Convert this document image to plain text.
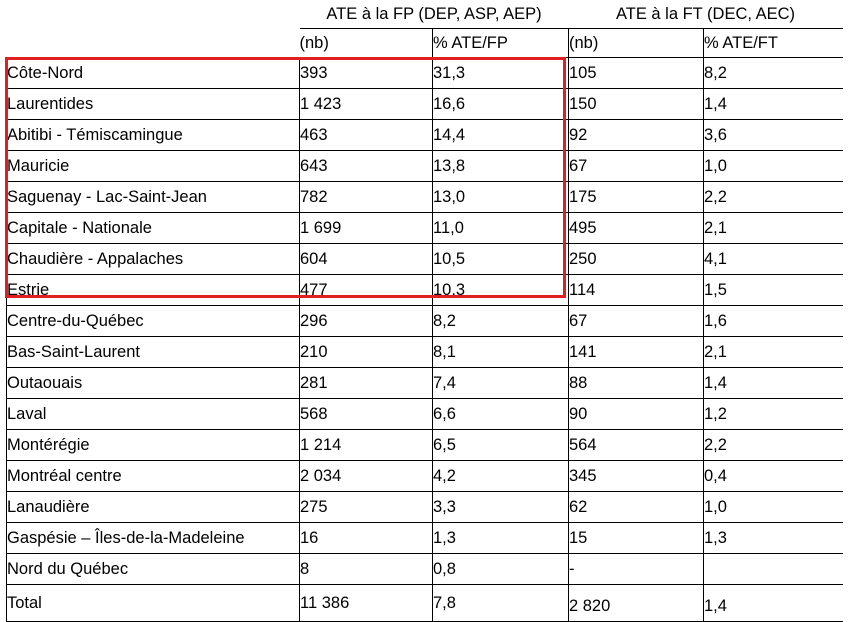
	ATE à la FP (DEP, ASP, AEP)		ATE à la FT (DEC, AEC)	
	(nb)	% ATE/FP	(nb)	% ATE/FT
Côte-Nord	393	31,3	105	8,2
Laurentides	1 423	16,6	150	1,4
Abitibi - Témiscamingue	463	14,4	92	3,6
Mauricie	643	13,8	67	1,0
Saguenay - Lac-Saint-Jean	782	13,0	175	2,2
Capitale - Nationale	1 699	11,0	495	2,1
Chaudière - Appalaches	604	10,5	250	4,1
Estrie	477	10,3	114	1,5
Centre-du-Québec	296	8,2	67	1,6
Bas-Saint-Laurent	210	8,1	141	2,1
Outaouais	281	7,4	88	1,4
Laval	568	6,6	90	1,2
Montérégie	1 214	6,5	564	2,2
Montréal centre	2 034	4,2	345	0,4
Lanaudière	275	3,3	62	1,0
Gaspésie – Îles-de-la-Madeleine	16	1,3	15	1,3
Nord du Québec	8	0,8	-	
Total	11 386	7,8	2 820	1,4
